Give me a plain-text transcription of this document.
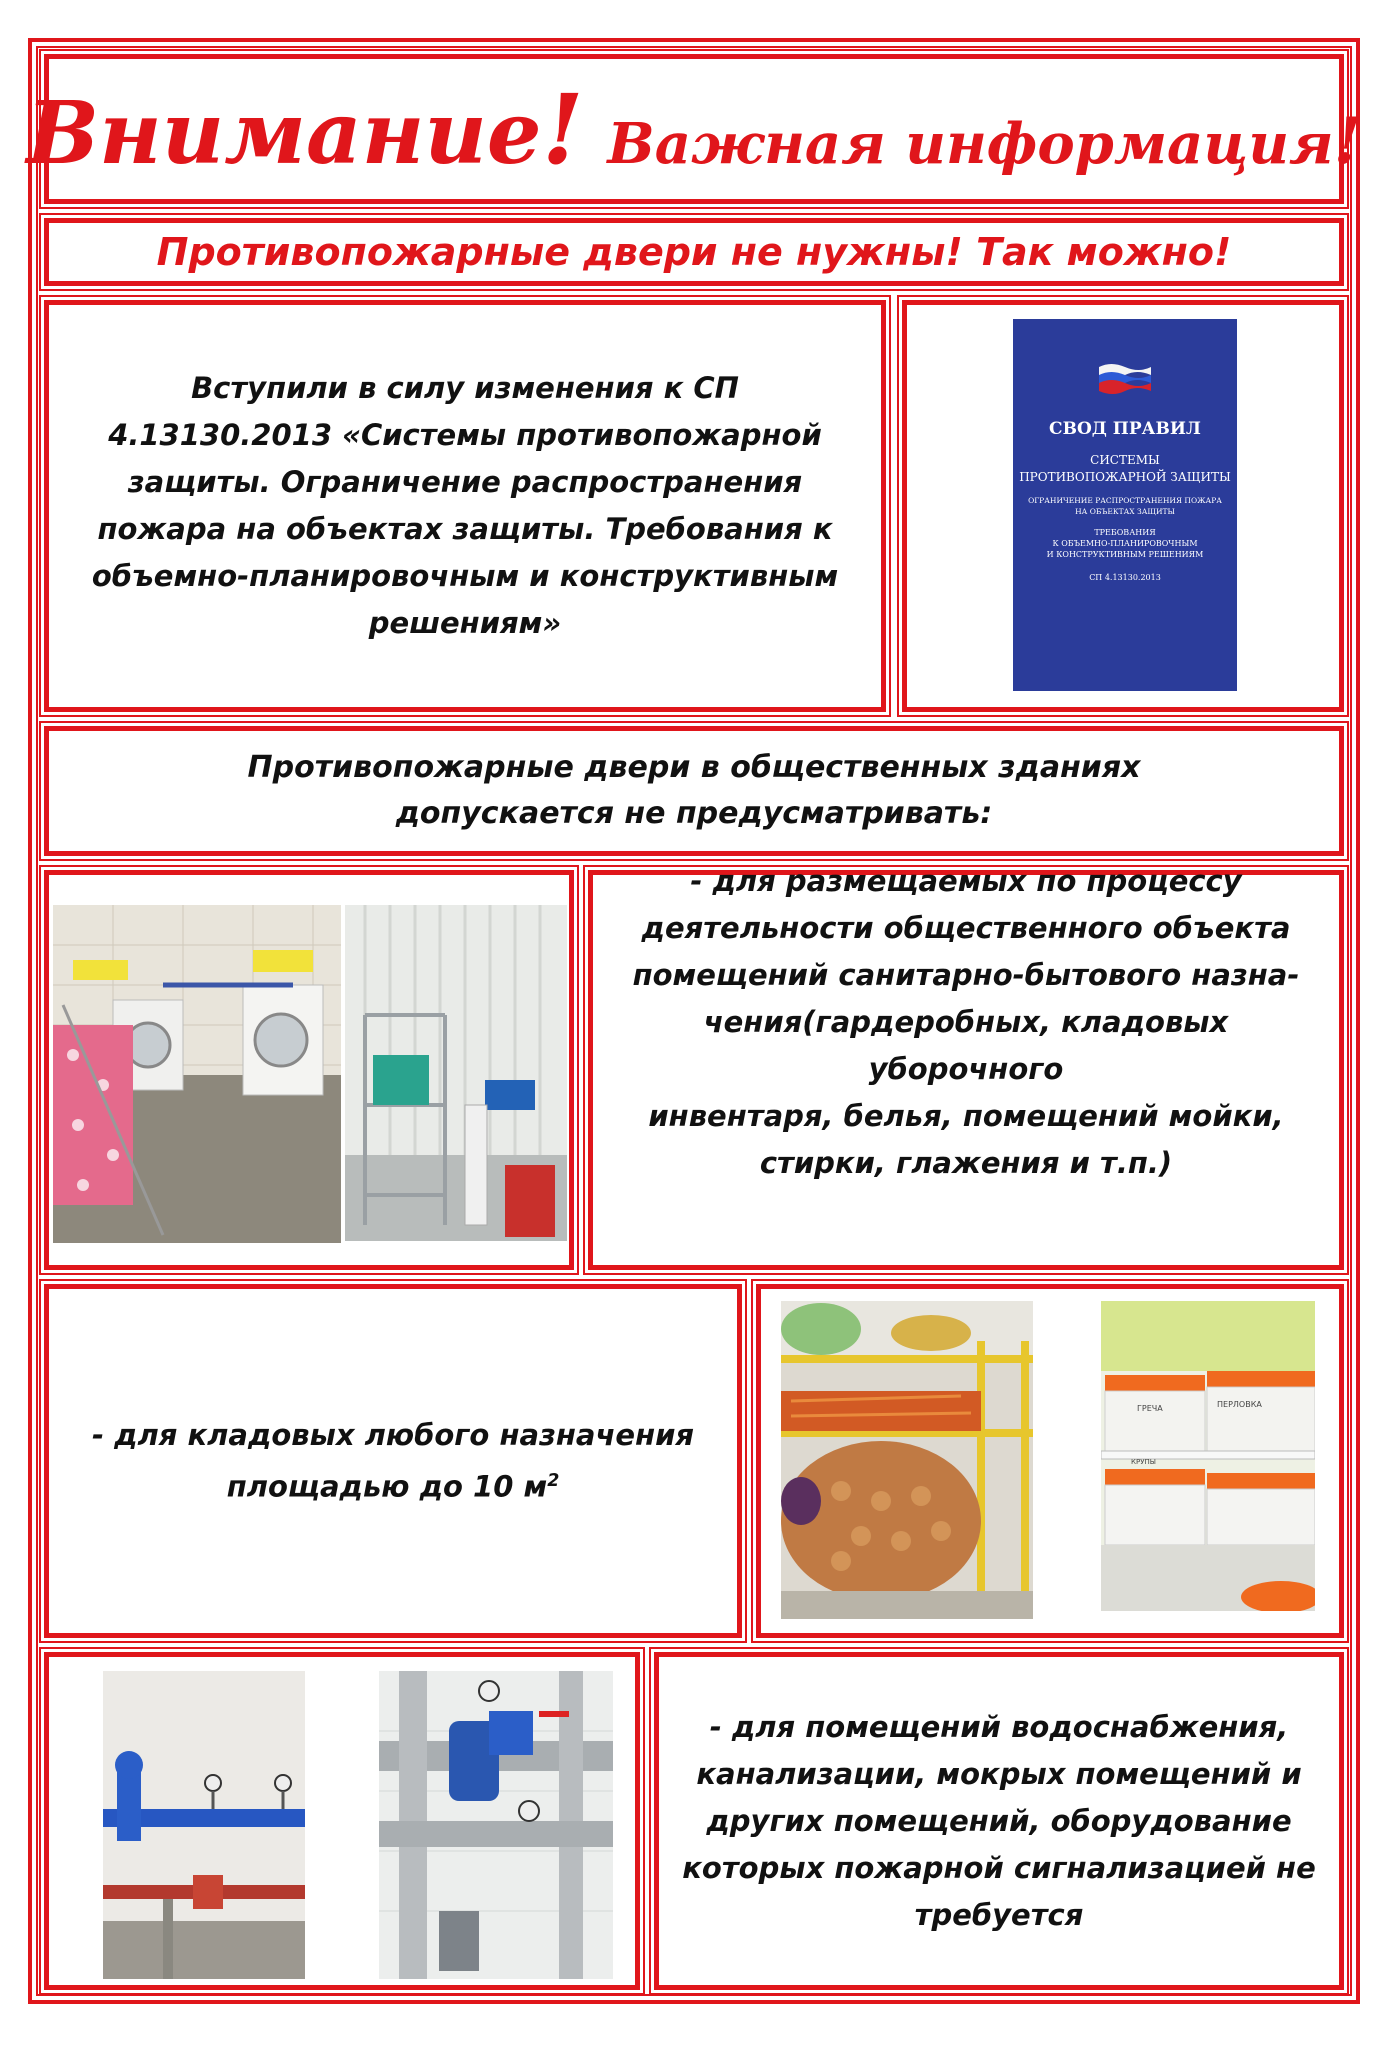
Внимание! Важная информация!
Противопожарные двери не нужны! Так можно!
Вступили в силу изменения к СП 4.13130.2013 «Системы противопожарной защиты. Ограничение распространения пожара на объектах защиты. Требования к объемно-планировочным и конструктивным решениям»
СВОД ПРАВИЛ
СИСТЕМЫ
ПРОТИВОПОЖАРНОЙ ЗАЩИТЫ
ОГРАНИЧЕНИЕ РАСПРОСТРАНЕНИЯ ПОЖАРА
НА ОБЪЕКТАХ ЗАЩИТЫ
ТРЕБОВАНИЯ
К ОБЪЕМНО-ПЛАНИРОВОЧНЫМ
И КОНСТРУКТИВНЫМ РЕШЕНИЯМ
СП 4.13130.2013
Противопожарные двери в общественных зданиях допускается не предусматривать:
- для размещаемых по процессу
деятельности общественного объекта
помещений санитарно-бытового назна-
чения(гардеробных, кладовых уборочного
инвентаря, белья, помещений мойки,
стирки, глажения и т.п.)
- для кладовых любого назначения
площадью до 10 $м^2$
ГРЕЧА	ПЕРЛОВКА
КРУПЫ
- для помещений водоснабжения, канализации, мокрых помещений и других помещений, оборудование которых пожарной сигнализацией не требуется
